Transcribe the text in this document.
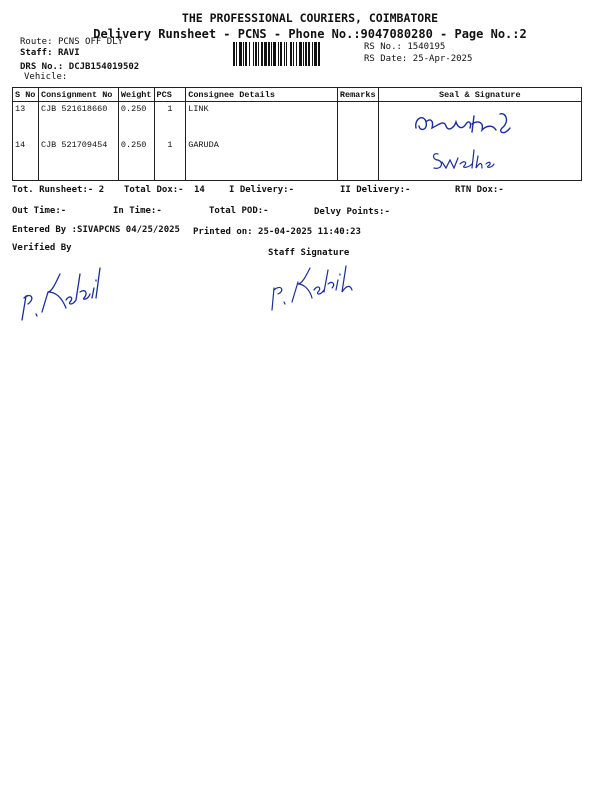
THE PROFESSIONAL COURIERS, COIMBATORE
Delivery Runsheet - PCNS - Phone No.:9047080280 - Page No.:2
Route: PCNS OFF DLY
Staff: RAVI
DRS No.: DCJB154019502
Vehicle:
RS No.: 1540195
RS Date: 25-Apr-2025
S No	Consignment No	Weight	PCS	Consignee Details	Remarks	Seal & Signature
13	CJB 521618660	0.250	1	LINK		
14	CJB 521709454	0.250	1	GARUDA		
Tot. Runsheet:- 2 Total Dox:- 14	I Delivery:-	II Delivery:-	RTN Dox:-
Out Time:-	In Time:-	Total POD:-	Delvy Points:-
Entered By :SIVAPCNS 04/25/2025 Printed on: 25-04-2025 11:40:23
Verified By	Staff Signature
